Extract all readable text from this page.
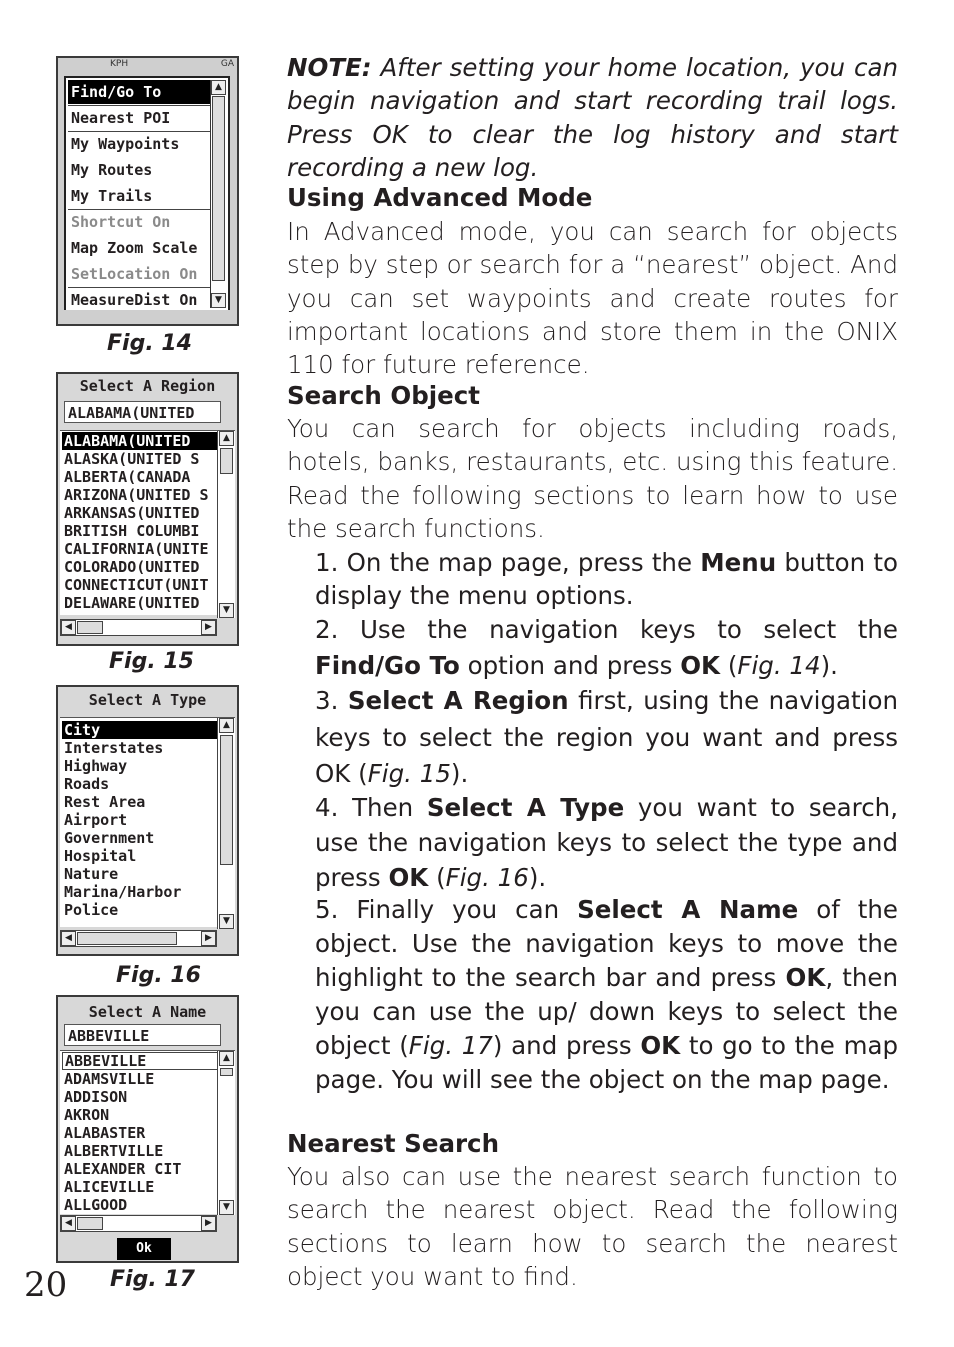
KPH	GA
Find/Go To
Nearest POI
My Waypoints
My Routes
My Trails
Shortcut On
Map Zoom Scale
SetLocation On
MeasureDist On
▲
▼
Fig. 14
Select A Region
ALABAMA(UNITED
ALABAMA(UNITED
ALASKA(UNITED S
ALBERTA(CANADA
ARIZONA(UNITED S
ARKANSAS(UNITED
BRITISH COLUMBI
CALIFORNIA(UNITE
COLORADO(UNITED
CONNECTICUT(UNIT
DELAWARE(UNITED
▲
▼
◀	▶
Fig. 15
Select A Type
City
Interstates
Highway
Roads
Rest Area
Airport
Government
Hospital
Nature
Marina/Harbor
Police
▲
▼
◀	▶
Fig. 16
Select A Name
ABBEVILLE
ABBEVILLE
ADAMSVILLE
ADDISON
AKRON
ALABASTER
ALBERTVILLE
ALEXANDER CIT
ALICEVILLE
ALLGOOD
▲
▼
◀	▶
Ok
Fig. 17
20
NOTE: After setting your home location, you can begin navigation and start recording trail logs. Press OK to clear the log history and start recording a new log.
Using Advanced Mode
In Advanced mode, you can search for objects step by step or search for a “nearest” object. And you can set waypoints and create routes for important locations and store them in the ONIX 110 for future reference.
Search Object
You can search for objects including roads, hotels, banks, restaurants, etc. using this feature. Read the following sections to learn how to use the search functions.
1. On the map page, press the Menu button to display the menu options.
2. Use the navigation keys to select the Find/Go To option and press OK (Fig. 14).
3. Select A Region first, using the navigation keys to select the region you want and press OK (Fig. 15).
4. Then Select A Type you want to search, use the navigation keys to select the type and press OK (Fig. 16).
5. Finally you can Select A Name of the object. Use the navigation keys to move the highlight to the search bar and press OK, then you can use the up/ down keys to select the object (Fig. 17) and press OK to go to the map page. You will see the object on the map page.
Nearest Search
You also can use the nearest search function to search the nearest object. Read the following sections to learn how to search the nearest object you want to find.
